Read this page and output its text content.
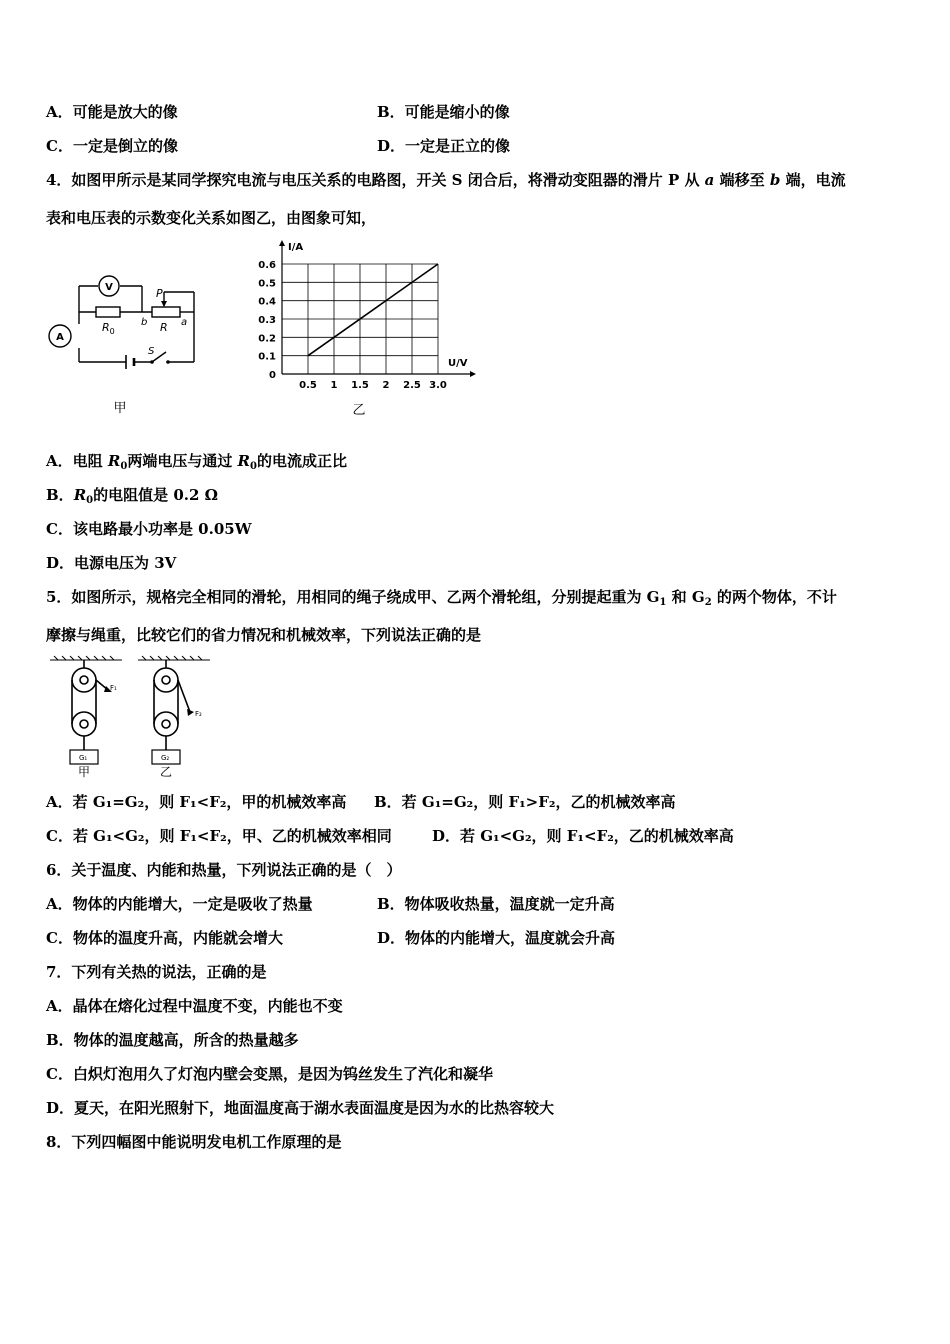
A．可能是放大的像	B．可能是缩小的像
C．一定是倒立的像	D．一定是正立的像
4．如图甲所示是某同学探究电流与电压关系的电路图，开关 S 闭合后，将滑动变阻器的滑片 P 从 a 端移至 b 端，电流
表和电压表的示数变化关系如图乙，由图象可知，
V
A
$R_0$	R
P
b	a
S
甲
I/A
U/V
0.5 1 1.5 2 2.5 3.0
0
0.1
0.2
0.3
0.4
0.5
0.6
乙
A．电阻 $R_0$两端电压与通过 $R_0$的电流成正比
B．$R_0$的电阻值是 0.2 Ω
C．该电路最小功率是 0.05W
D．电源电压为 3V
5．如图所示，规格完全相同的滑轮，用相同的绳子绕成甲、乙两个滑轮组，分别提起重为 $G_1$ 和 $G_2$ 的两个物体，不计
摩擦与绳重，比较它们的省力情况和机械效率，下列说法正确的是
F₁
G₁
甲
F₂
G₂
乙
A．若 G₁=G₂，则 F₁<F₂，甲的机械效率高 B．若 G₁=G₂，则 F₁>F₂，乙的机械效率高
C．若 G₁<G₂，则 F₁<F₂，甲、乙的机械效率相同	D．若 G₁<G₂，则 F₁<F₂，乙的机械效率高
6．关于温度、内能和热量，下列说法正确的是（　）
A．物体的内能增大，一定是吸收了热量	B．物体吸收热量，温度就一定升高
C．物体的温度升高，内能就会增大	D．物体的内能增大，温度就会升高
7．下列有关热的说法，正确的是
A．晶体在熔化过程中温度不变，内能也不变
B．物体的温度越高，所含的热量越多
C．白炽灯泡用久了灯泡内壁会变黑，是因为钨丝发生了汽化和凝华
D．夏天，在阳光照射下，地面温度高于湖水表面温度是因为水的比热容较大
8．下列四幅图中能说明发电机工作原理的是
